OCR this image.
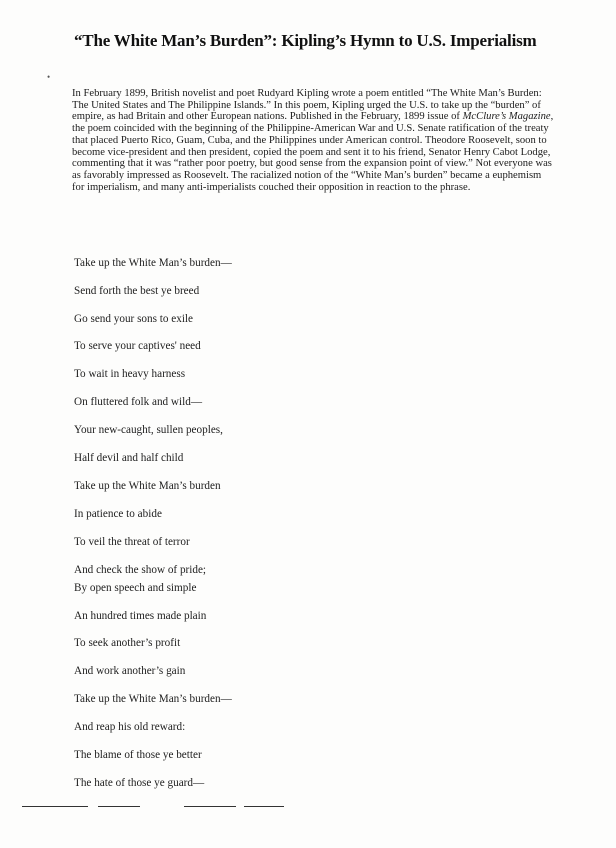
•
“The White Man’s Burden”: Kipling’s Hymn to U.S. Imperialism

In February 1899, British novelist and poet Rudyard Kipling wrote a poem entitled “The White Man’s Burden: The United States and The Philippine Islands.” In this poem, Kipling urged the U.S. to take up the “burden” of empire, as had Britain and other European nations. Published in the February, 1899 issue of McClure’s Magazine, the poem coincided with the beginning of the Philippine-American War and U.S. Senate ratification of the treaty that placed Puerto Rico, Guam, Cuba, and the Philippines under American control. Theodore Roosevelt, soon to become vice-president and then president, copied the poem and sent it to his friend, Senator Henry Cabot Lodge, commenting that it was “rather poor poetry, but good sense from the expansion point of view.” Not everyone was as favorably impressed as Roosevelt. The racialized notion of the “White Man’s burden” became a euphemism for imperialism, and many anti-imperialists couched their opposition in reaction to the phrase.

Take up the White Man’s burden—
Send forth the best ye breed
Go send your sons to exile
To serve your captives' need
To wait in heavy harness
On fluttered folk and wild—
Your new-caught, sullen peoples,
Half devil and half child
Take up the White Man’s burden
In patience to abide
To veil the threat of terror
And check the show of pride;
By open speech and simple
An hundred times made plain
To seek another’s profit
And work another’s gain
Take up the White Man’s burden—
And reap his old reward:
The blame of those ye better
The hate of those ye guard—
